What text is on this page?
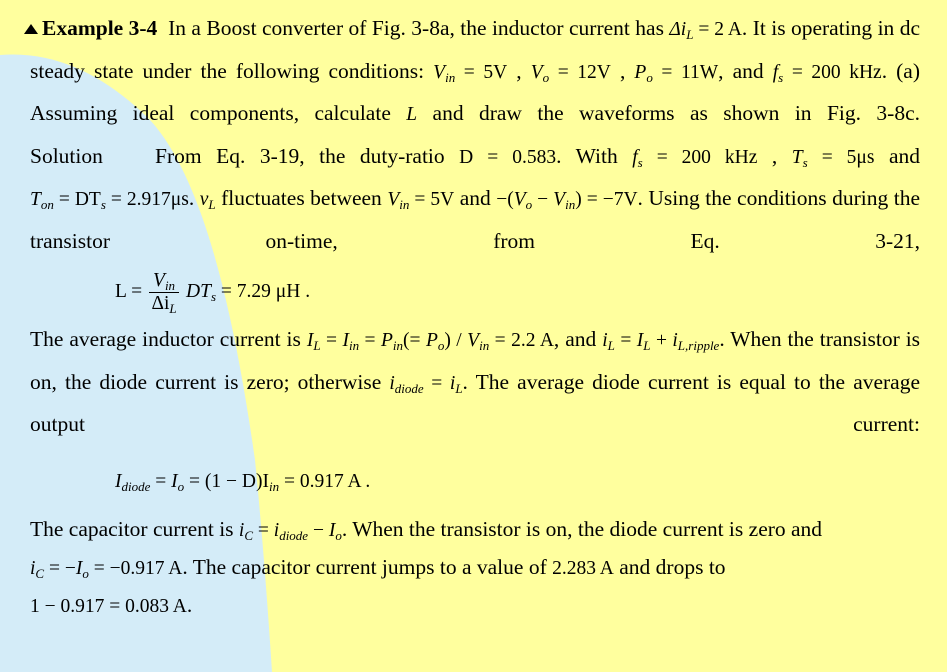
Example 3-4 In a Boost converter of Fig. 3-8a, the inductor current has $\Delta i_L = 2$ A. It is operating in dc steady state under the following conditions: $V_{in} = 5V$ , $V_o = 12V$ , $P_o = 11W$, and $f_s = 200$ kHz. (a) Assuming ideal components, calculate L and draw the waveforms as shown in Fig. 3-8c.

Solution From Eq. 3-19, the duty-ratio D = 0.583. With $f_s = 200$ kHz , $T_s = 5\mu s$ and $T_{on} = DT_s = 2.917\mu s$. $v_L$ fluctuates between $V_{in} = 5V$ and $-(V_o - V_{in}) = -7V$. Using the conditions during the transistor on-time, from Eq. 3-21,

$L = \frac{V_{in}}{\Delta i_L} DT_s = 7.29$ μH .

The average inductor current is $I_L = I_{in} = P_{in}(= P_o) / V_{in} = 2.2$ A, and $i_L = I_L + i_{L,ripple}$. When the transistor is on, the diode current is zero; otherwise $i_{diode} = i_L$. The average diode current is equal to the average output current:

$I_{diode} = I_o = (1 - D)I_{in} = 0.917$ A .

The capacitor current is $i_C = i_{diode} - I_o$. When the transistor is on, the diode current is zero and $i_C = -I_o = -0.917$ A. The capacitor current jumps to a value of 2.283 A and drops to
1 − 0.917 = 0.083 A.
